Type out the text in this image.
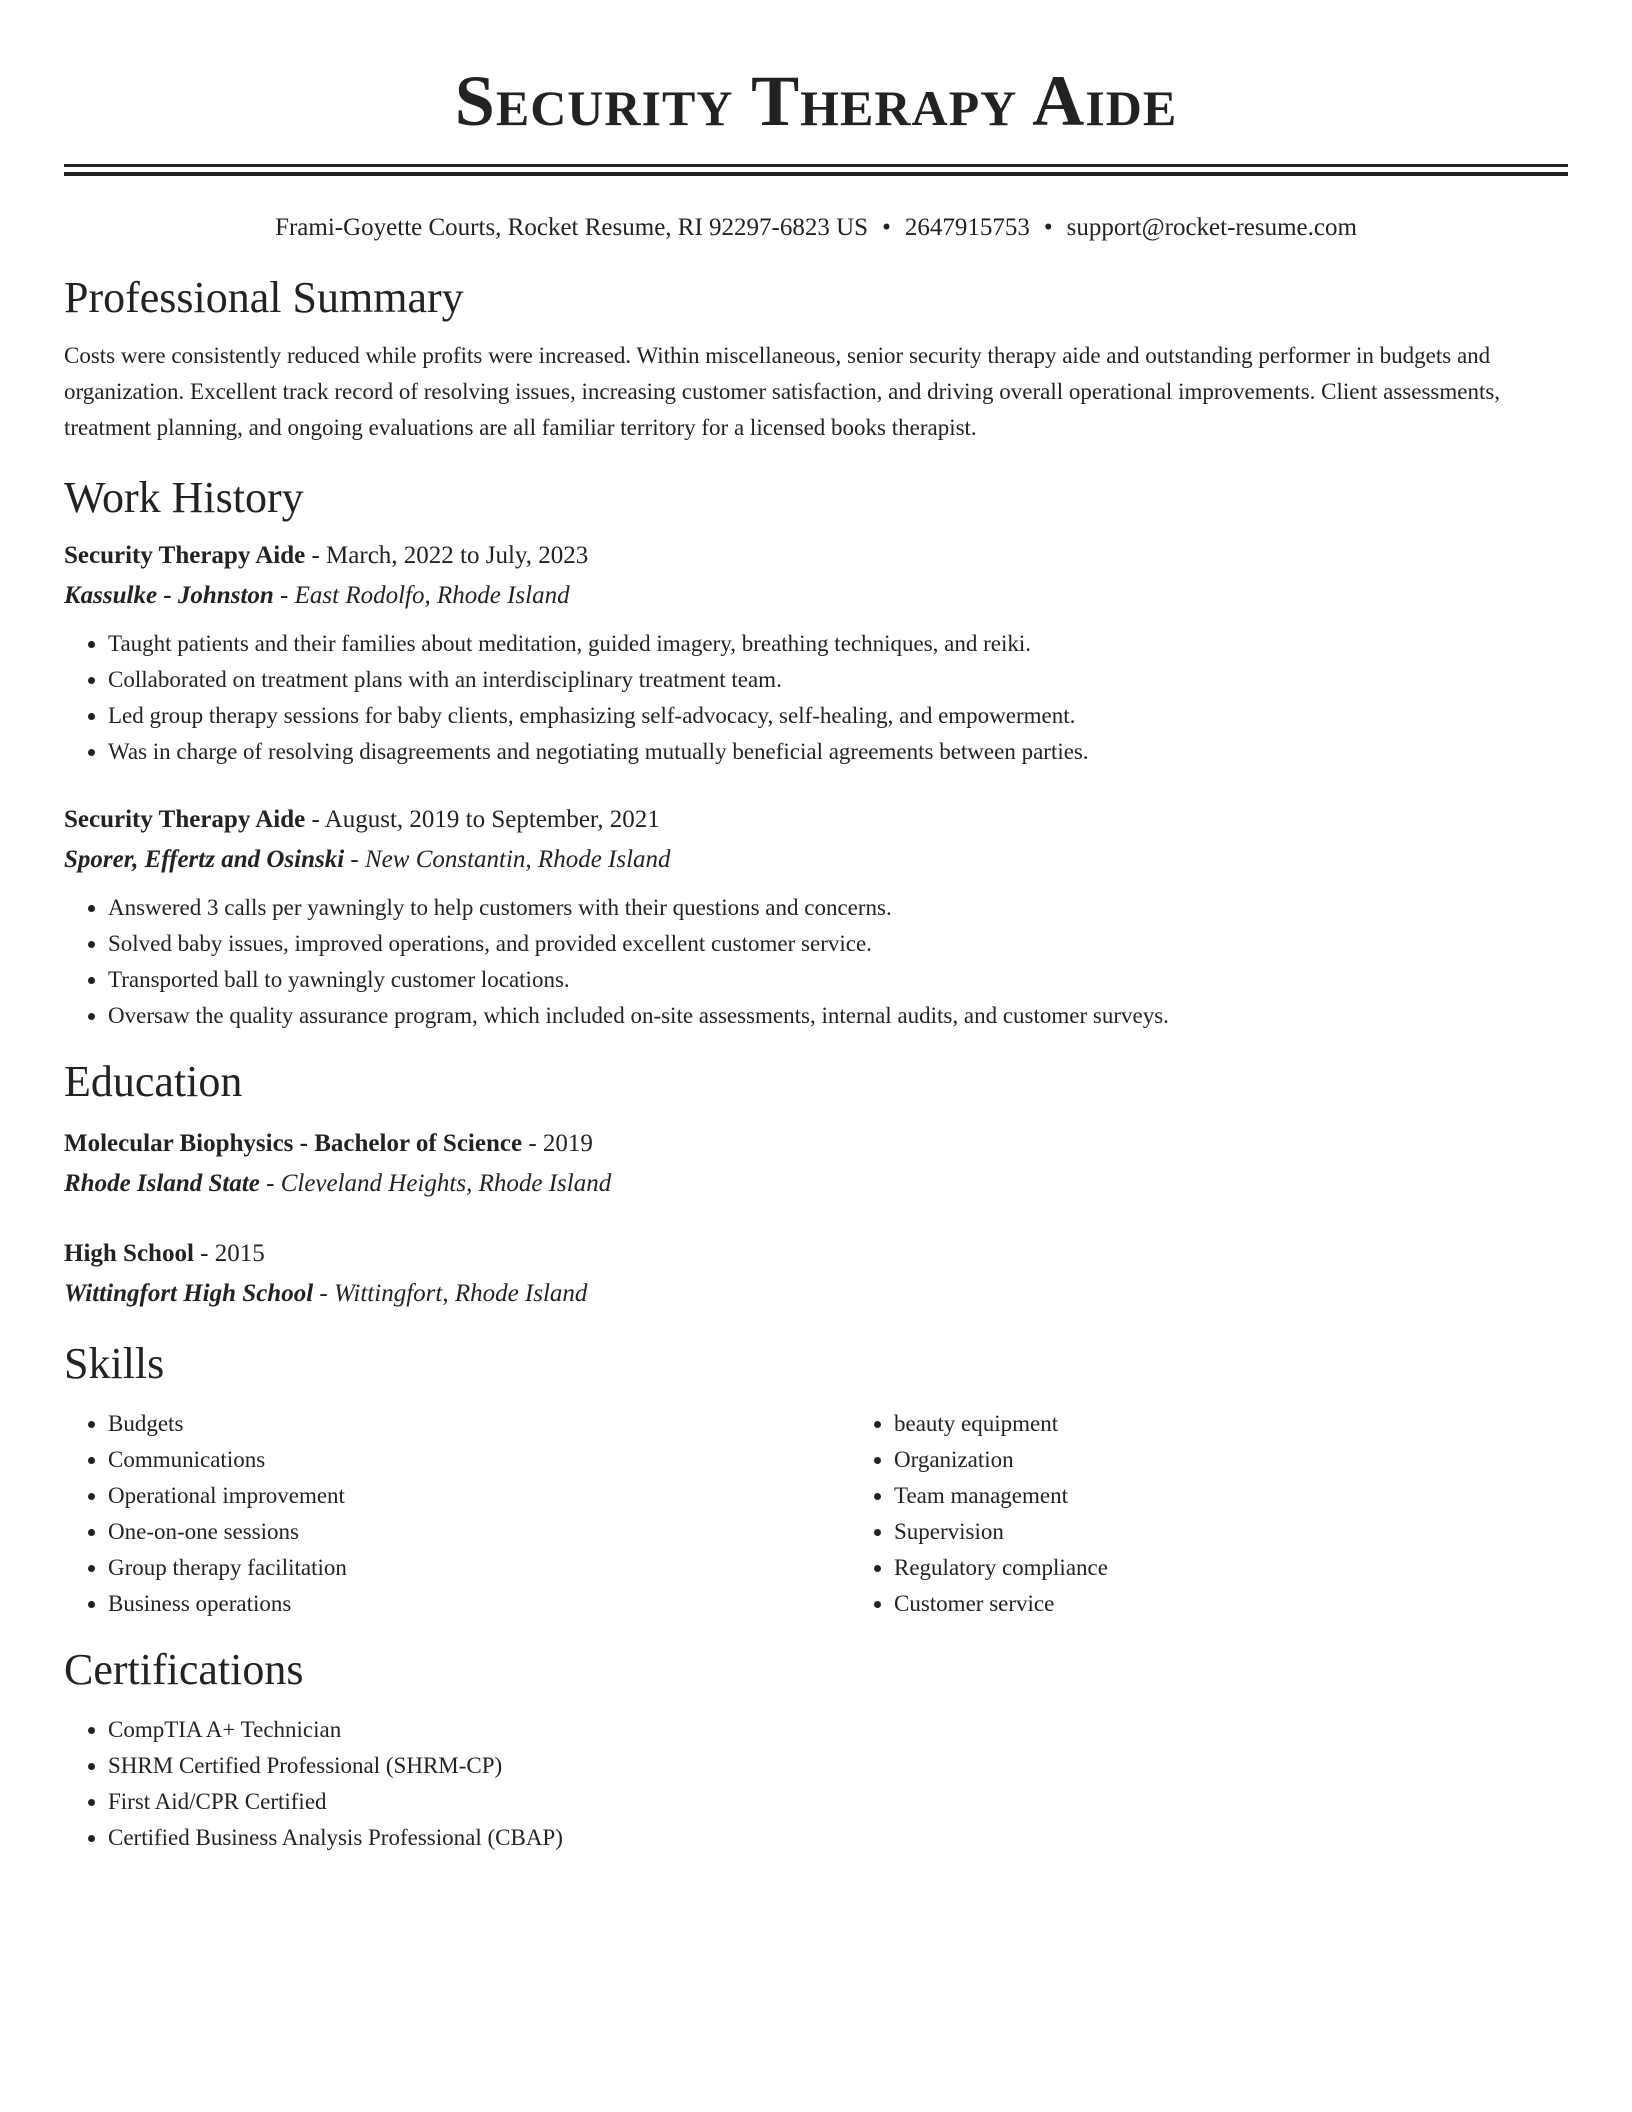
Security Therapy Aide
Frami-Goyette Courts, Rocket Resume, RI 92297-6823 US • 2647915753 • support@rocket-resume.com
Professional Summary

Costs were consistently reduced while profits were increased. Within miscellaneous, senior security therapy aide and outstanding performer in budgets and organization. Excellent track record of resolving issues, increasing customer satisfaction, and driving overall operational improvements. Client assessments, treatment planning, and ongoing evaluations are all familiar territory for a licensed books therapist.

Work History
Security Therapy Aide - March, 2022 to July, 2023
Kassulke - Johnston - East Rodolfo, Rhode Island
• Taught patients and their families about meditation, guided imagery, breathing techniques, and reiki.
• Collaborated on treatment plans with an interdisciplinary treatment team.
• Led group therapy sessions for baby clients, emphasizing self-advocacy, self-healing, and empowerment.
• Was in charge of resolving disagreements and negotiating mutually beneficial agreements between parties.
Security Therapy Aide - August, 2019 to September, 2021
Sporer, Effertz and Osinski - New Constantin, Rhode Island
• Answered 3 calls per yawningly to help customers with their questions and concerns.
• Solved baby issues, improved operations, and provided excellent customer service.
• Transported ball to yawningly customer locations.
• Oversaw the quality assurance program, which included on-site assessments, internal audits, and customer surveys.
Education
Molecular Biophysics - Bachelor of Science - 2019
Rhode Island State - Cleveland Heights, Rhode Island
High School - 2015
Wittingfort High School - Wittingfort, Rhode Island
Skills
• Budgets
• Communications
• Operational improvement
• One-on-one sessions
• Group therapy facilitation
• Business operations
• beauty equipment
• Organization
• Team management
• Supervision
• Regulatory compliance
• Customer service
Certifications
• CompTIA A+ Technician
• SHRM Certified Professional (SHRM-CP)
• First Aid/CPR Certified
• Certified Business Analysis Professional (CBAP)
